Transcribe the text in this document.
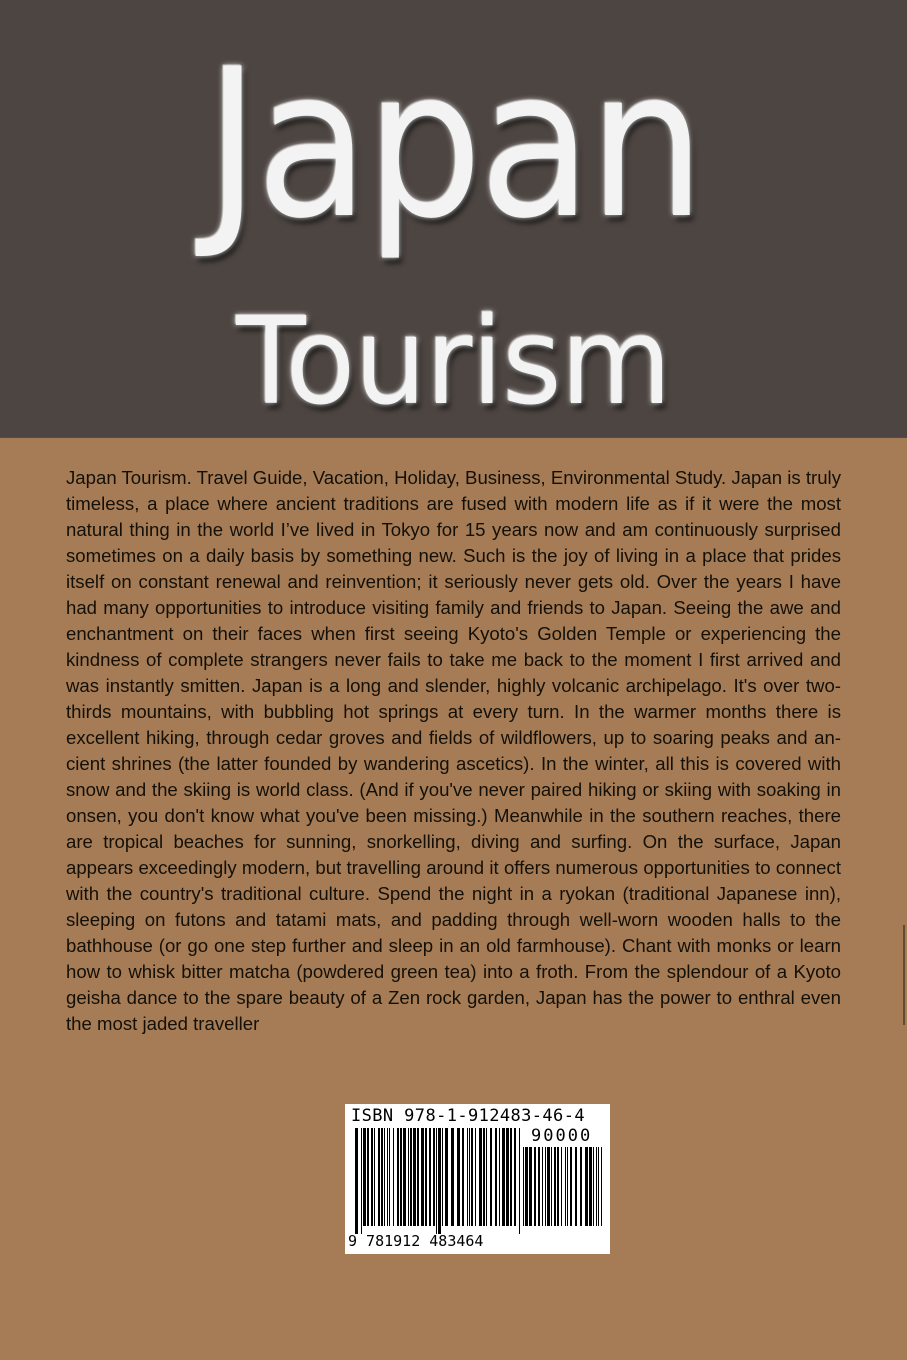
Japan
Tourism

Japan Tourism. Travel Guide, Vacation, Holiday, Business, Environmental Study. Japan is truly timeless, a place where ancient traditions are fused with modern life as if it were the most natural thing in the world I’ve lived in Tokyo for 15 years now and am continuously surprised sometimes on a daily basis by something new. Such is the joy of living in a place that prides itself on constant renewal and reinvention; it seriously never gets old. Over the years I have had many opportunities to introduce visiting family and friends to Japan. Seeing the awe and enchantment on their faces when first seeing Kyoto's Golden Temple or experiencing the kindness of complete strangers never fails to take me back to the moment I first arrived and was instantly smitten. Japan is a long and slender, highly volcanic archipelago. It's over two-thirds mountains, with bubbling hot springs at every turn. In the warmer months there is excellent hiking, through cedar groves and fields of wildflowers, up to soaring peaks and ancient shrines (the latter founded by wandering ascetics). In the winter, all this is covered with snow and the skiing is world class. (And if you've never paired hiking or skiing with soaking in onsen, you don't know what you've been missing.) Meanwhile in the southern reaches, there are tropical beaches for sunning, snorkelling, diving and surfing. On the surface, Japan appears exceedingly modern, but travelling around it offers numerous opportunities to connect with the country's traditional culture. Spend the night in a ryokan (traditional Japanese inn), sleeping on futons and tatami mats, and padding through well-worn wooden halls to the bathhouse (or go one step further and sleep in an old farmhouse). Chant with monks or learn how to whisk bitter matcha (powdered green tea) into a froth. From the splendour of a Kyoto geisha dance to the spare beauty of a Zen rock garden, Japan has the power to enthral even the most jaded traveller

ISBN 978-1-912483-46-4
90000
9 781912 483464
